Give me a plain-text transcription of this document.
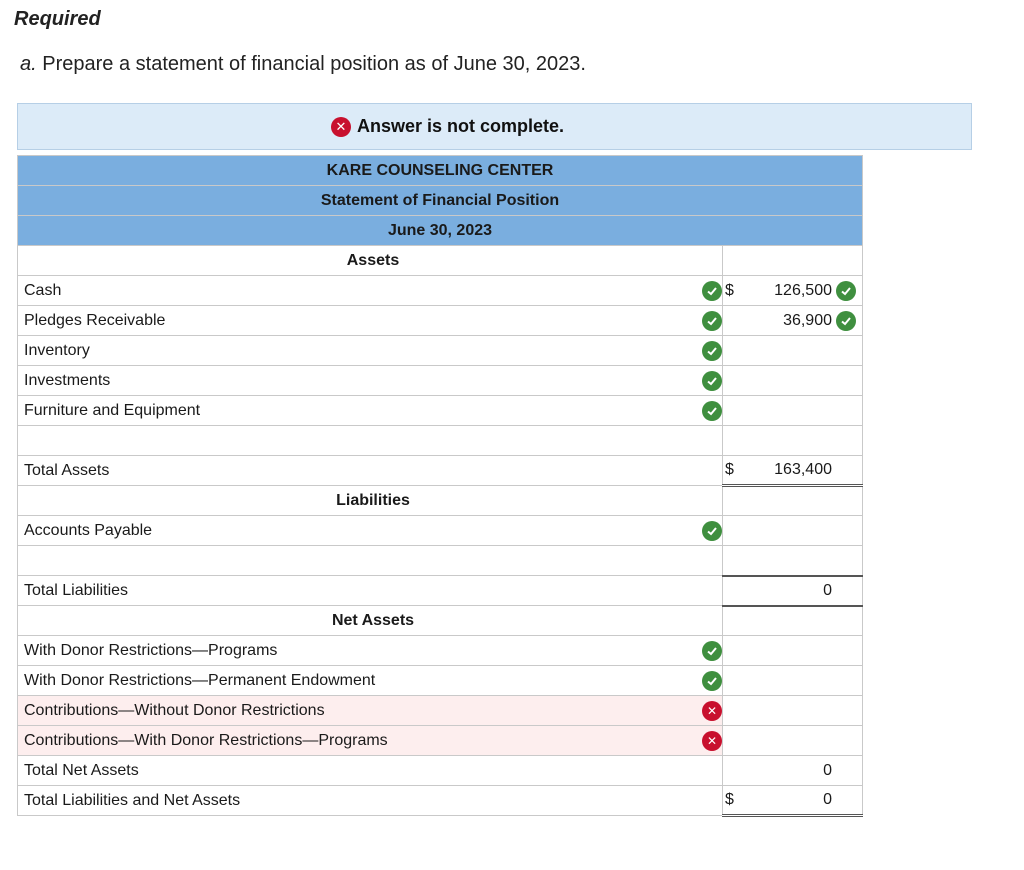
Required
a. Prepare a statement of financial position as of June 30, 2023.
✕ Answer is not complete.
KARE COUNSELING CENTER	
Statement of Financial Position	
June 30, 2023	
Assets	

Cash	$ 126,500

Pledges Receivable	36,900

Inventory	

Investments	

Furniture and Equipment	

Total Assets	$ 163,400

Liabilities	

Accounts Payable	

Total Liabilities	0

Net Assets	

With Donor Restrictions—Programs	

With Donor Restrictions—Permanent Endowment	

Contributions—Without Donor Restrictions ✕	

Contributions—With Donor Restrictions—Programs ✕	

Total Net Assets	0

Total Liabilities and Net Assets	$ 0
